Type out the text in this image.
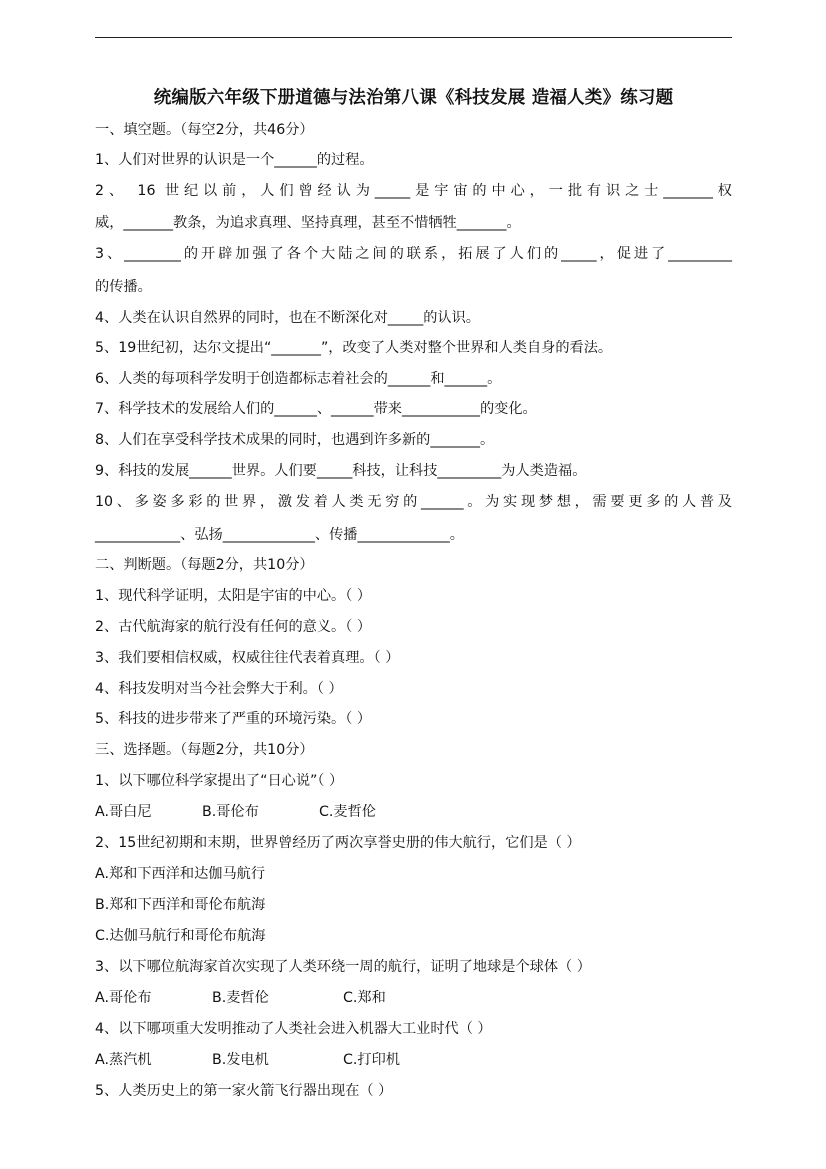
统编版六年级下册道德与法治第八课《科技发展 造福人类》练习题
一、填空题。（每空2分，共46分）
1、人们对世界的认识是一个______的过程。
2、 16 世纪以前，人们曾经认为_____是宇宙的中心，一批有识之士_______权
威，_______教条，为追求真理、坚持真理，甚至不惜牺牲_______。
3、________的开辟加强了各个大陆之间的联系，拓展了人们的_____，促进了_________
的传播。
4、人类在认识自然界的同时，也在不断深化对_____的认识。
5、19世纪初，达尔文提出“_______”，改变了人类对整个世界和人类自身的看法。
6、人类的每项科学发明于创造都标志着社会的______和______。
7、科学技术的发展给人们的______、______带来___________的变化。
8、人们在享受科学技术成果的同时，也遇到许多新的_______。
9、科技的发展______世界。人们要_____科技，让科技_________为人类造福。
10、多姿多彩的世界，激发着人类无穷的______。为实现梦想，需要更多的人普及
____________、弘扬_____________、传播_____________。
二、判断题。（每题2分，共10分）
1、现代科学证明，太阳是宇宙的中心。（ ）
2、古代航海家的航行没有任何的意义。（ ）
3、我们要相信权威，权威往往代表着真理。（ ）
4、科技发明对当今社会弊大于利。（ ）
5、科技的进步带来了严重的环境污染。（ ）
三、选择题。（每题2分，共10分）
1、以下哪位科学家提出了“日心说”（ ）
A.哥白尼	B.哥伦布	C.麦哲伦
2、15世纪初期和末期，世界曾经历了两次享誉史册的伟大航行，它们是（ ）
A.郑和下西洋和达伽马航行
B.郑和下西洋和哥伦布航海
C.达伽马航行和哥伦布航海
3、以下哪位航海家首次实现了人类环绕一周的航行，证明了地球是个球体（ ）
A.哥伦布	B.麦哲伦	C.郑和
4、以下哪项重大发明推动了人类社会进入机器大工业时代（ ）
A.蒸汽机	B.发电机	C.打印机
5、人类历史上的第一家火箭飞行器出现在（ ）
